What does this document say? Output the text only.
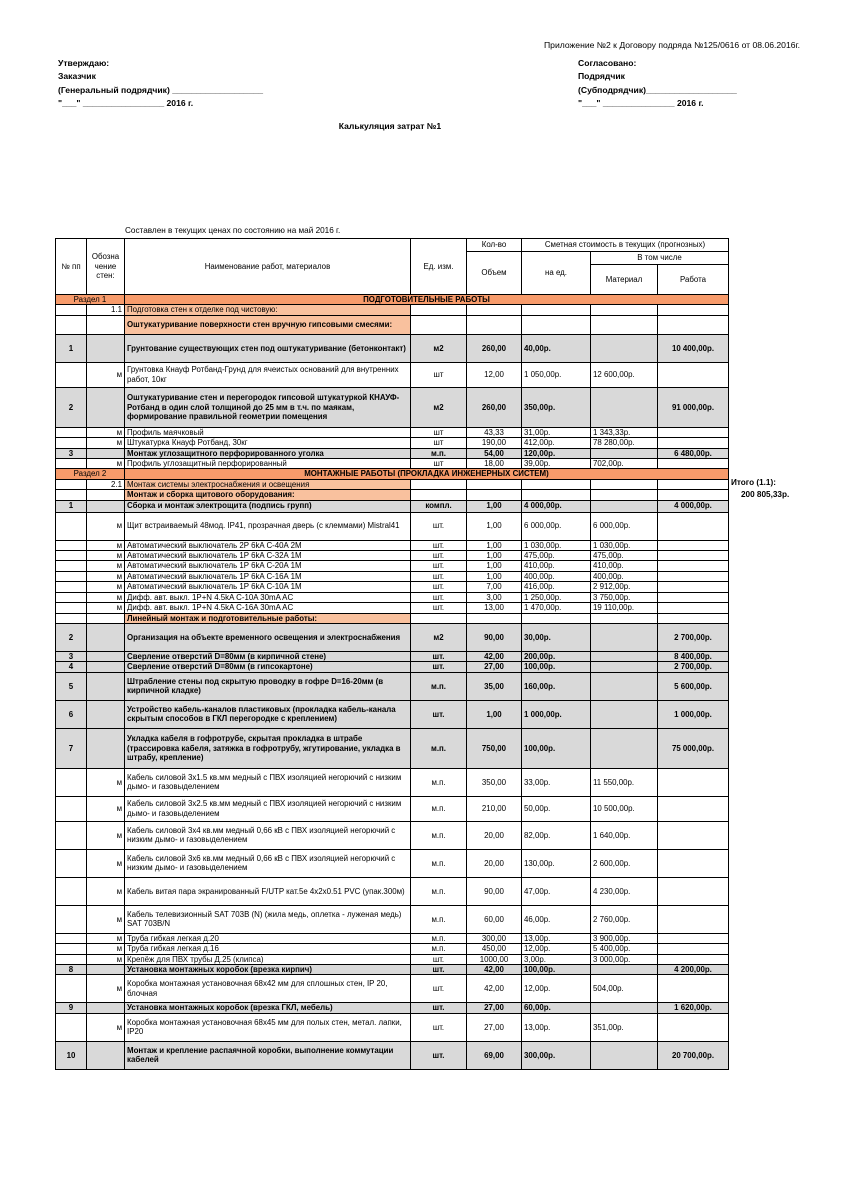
Приложение №2 к Договору подряда №125/0616 от 08.06.2016г.
Утверждаю:
Заказчик
(Генеральный подрядчик) ___________________
"___" _________________ 2016 г.
Согласовано:
Подрядчик
(Субподрядчик)___________________
"___" _______________ 2016 г.
Калькуляция затрат №1
Составлен в текущих ценах по состоянию на май 2016 г.
№ пп	Обозна чение стен:	Наименование работ, материалов	Ед. изм.	Кол-во	Сметная стоимость в текущих (прогнозных)		
				Объем	на ед.	В том числе	
						Материал	Работа
Раздел 1		ПОДГОТОВИТЕЛЬНЫЕ РАБОТЫ					
	1.1	Подготовка стен к отделке под чистовую:					
		Оштукатуривание поверхности стен вручную гипсовыми смесями:					
1		Грунтование существующих стен под оштукатуривание (бетонконтакт)	м2	260,00	40,00р.		10 400,00р.
	м	Грунтовка Кнауф Ротбанд-Грунд для ячеистых оснований для внутренних работ, 10кг	шт	12,00	1 050,00р.	12 600,00р.	
2		Оштукатуривание стен и перегородок гипсовой штукатуркой КНАУФ-Ротбанд в один слой толщиной до 25 мм в т.ч. по маякам, формирование правильной геометрии помещения	м2	260,00	350,00р.		91 000,00р.
	м	Профиль маячковый	шт	43,33	31,00р.	1 343,33р.	
	м	Штукатурка Кнауф Ротбанд, 30кг	шт	190,00	412,00р.	78 280,00р.	
3		Монтаж углозащитного перфорированного уголка	м.п.	54,00	120,00р.		6 480,00р.
	м	Профиль углозащитный перфорированный	шт	18,00	39,00р.	702,00р.	
Раздел 2		МОНТАЖНЫЕ РАБОТЫ (ПРОКЛАДКА ИНЖЕНЕРНЫХ СИСТЕМ)					
	2.1	Монтаж системы электроснабжения и освещения					
		Монтаж и сборка щитового оборудования:					
1		Сборка и монтаж электрощита (подпись групп)	компл.	1,00	4 000,00р.		4 000,00р.
	м	Щит встраиваемый 48мод. IP41, прозрачная дверь (с клеммами) Mistral41	шт.	1,00	6 000,00р.	6 000,00р.	
	м	Автоматический выключатель 2P 6kA C-40A 2M	шт.	1,00	1 030,00р.	1 030,00р.	
	м	Автоматический выключатель 1P 6kA C-32A 1M	шт.	1,00	475,00р.	475,00р.	
	м	Автоматический выключатель 1P 6kA C-20A 1M	шт.	1,00	410,00р.	410,00р.	
	м	Автоматический выключатель 1P 6kA C-16A 1M	шт.	1,00	400,00р.	400,00р.	
	м	Автоматический выключатель 1P 6kA C-10A 1M	шт.	7,00	416,00р.	2 912,00р.	
	м	Дифф. авт. выкл. 1P+N 4.5kA C-10A 30mA AC	шт.	3,00	1 250,00р.	3 750,00р.	
	м	Дифф. авт. выкл. 1P+N 4.5kA C-16A 30mA AC	шт.	13,00	1 470,00р.	19 110,00р.	
		Линейный монтаж и подготовительные работы:					
2		Организация на объекте временного освещения и электроснабжения	м2	90,00	30,00р.		2 700,00р.
3		Сверление отверстий D=80мм (в кирпичной стене)	шт.	42,00	200,00р.		8 400,00р.
4		Сверление отверстий D=80мм (в гипсокартоне)	шт.	27,00	100,00р.		2 700,00р.
5		Штрабление стены под скрытую проводку в гофре D=16-20мм (в кирпичной кладке)	м.п.	35,00	160,00р.		5 600,00р.
6		Устройство кабель-каналов пластиковых (прокладка кабель-канала скрытым способов в ГКЛ перегородке с креплением)	шт.	1,00	1 000,00р.		1 000,00р.
7		Укладка кабеля в гофротрубе, скрытая прокладка в штрабе (трассировка кабеля, затяжка в гофротрубу, жгутирование, укладка в штрабу, крепление)	м.п.	750,00	100,00р.		75 000,00р.
	м	Кабель силовой 3х1.5 кв.мм медный с ПВХ изоляцией негорючий с низким дымо- и газовыделением	м.п.	350,00	33,00р.	11 550,00р.	
	м	Кабель силовой 3х2.5 кв.мм медный с ПВХ изоляцией негорючий с низким дымо- и газовыделением	м.п.	210,00	50,00р.	10 500,00р.	
	м	Кабель силовой 3х4 кв.мм медный 0,66 кВ с ПВХ изоляцией негорючий с низким дымо- и газовыделением	м.п.	20,00	82,00р.	1 640,00р.	
	м	Кабель силовой 3х6 кв.мм медный 0,66 кВ с ПВХ изоляцией негорючий с низким дымо- и газовыделением	м.п.	20,00	130,00р.	2 600,00р.	
	м	Кабель витая пара экранированный F/UTP кат.5е 4х2х0.51 PVC (упак.300м)	м.п.	90,00	47,00р.	4 230,00р.	
	м	Кабель телевизионный SAT 703B (N) (жила медь, оплетка - луженая медь) SAT 703B/N	м.п.	60,00	46,00р.	2 760,00р.	
	м	Труба гибкая легкая д.20	м.п.	300,00	13,00р.	3 900,00р.	
	м	Труба гибкая легкая д.16	м.п.	450,00	12,00р.	5 400,00р.	
	м	Крепёж для ПВХ трубы Д.25 (клипса)	шт.	1000,00	3,00р.	3 000,00р.	
8		Установка монтажных коробок (врезка кирпич)	шт.	42,00	100,00р.		4 200,00р.
	м	Коробка монтажная установочная 68х42 мм для сплошных стен, IP 20, блочная	шт.	42,00	12,00р.	504,00р.	
9		Установка монтажных коробок (врезка ГКЛ, мебель)	шт.	27,00	60,00р.		1 620,00р.
	м	Коробка монтажная установочная 68х45 мм для полых стен, метал. лапки, IP20	шт.	27,00	13,00р.	351,00р.	
10		Монтаж и крепление распаячной коробки, выполнение коммутации кабелей	шт.	69,00	300,00р.		20 700,00р.
Итого (1.1):
200 805,33р.
